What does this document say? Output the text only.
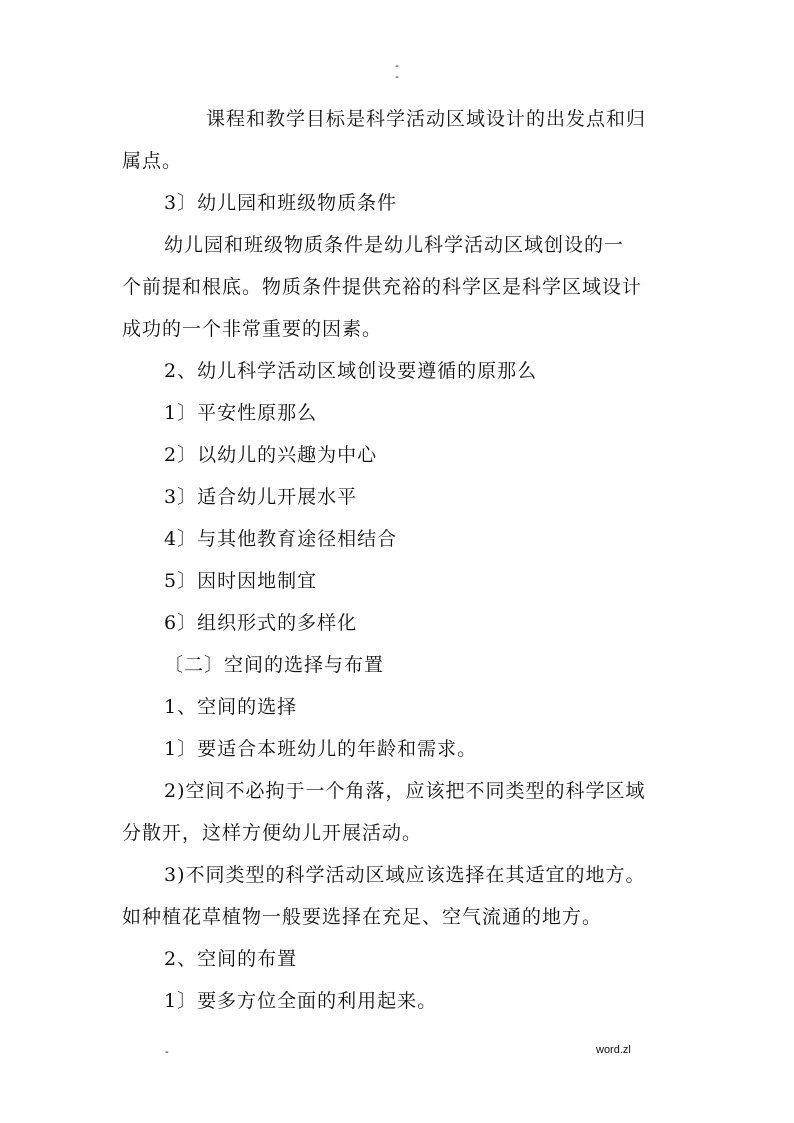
-
-
课程和教学目标是科学活动区域设计的出发点和归
属点。
3〕幼儿园和班级物质条件
幼儿园和班级物质条件是幼儿科学活动区域创设的一
个前提和根底。物质条件提供充裕的科学区是科学区域设计
成功的一个非常重要的因素。
2、幼儿科学活动区域创设要遵循的原那么
1〕平安性原那么
2〕以幼儿的兴趣为中心
3〕适合幼儿开展水平
4〕与其他教育途径相结合
5〕因时因地制宜
6〕组织形式的多样化
〔二〕空间的选择与布置
1、空间的选择
1〕要适合本班幼儿的年龄和需求。
2)空间不必拘于一个角落，应该把不同类型的科学区域
分散开，这样方便幼儿开展活动。
3)不同类型的科学活动区域应该选择在其适宜的地方。
如种植花草植物一般要选择在充足、空气流通的地方。
2、空间的布置
1〕要多方位全面的利用起来。
-	word.zl
